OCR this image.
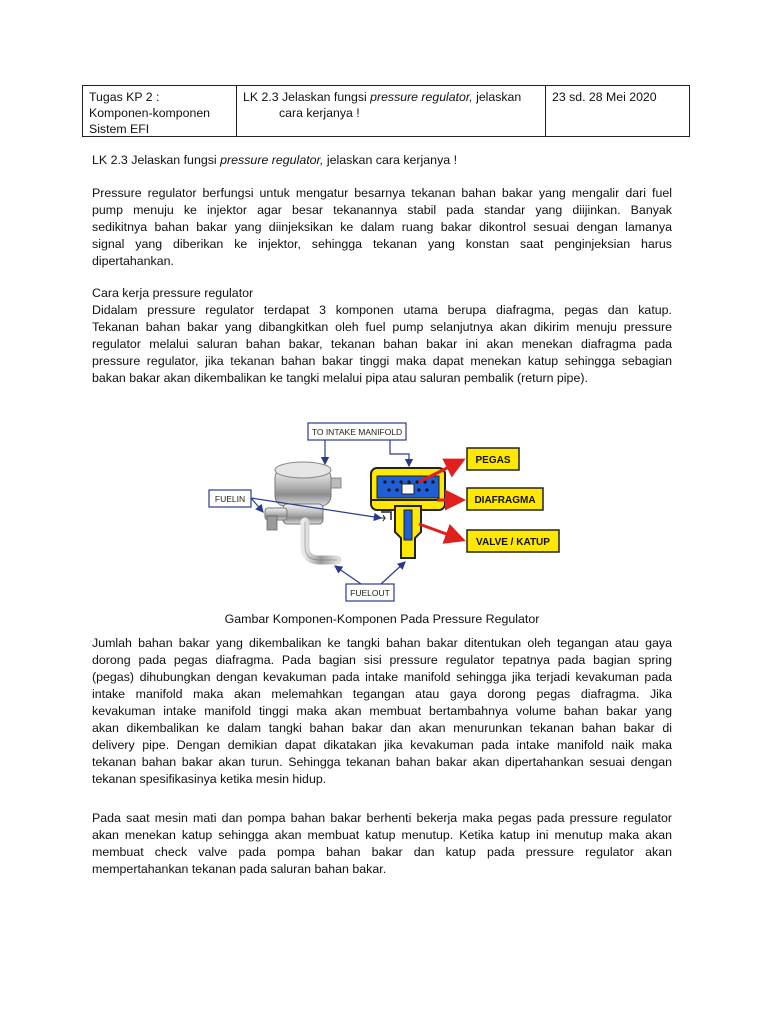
Tugas KP 2 :
Komponen-komponen
Sistem EFI
LK 2.3 Jelaskan fungsi pressure regulator, jelaskan
cara kerjanya !
23 sd. 28 Mei 2020
LK 2.3 Jelaskan fungsi pressure regulator, jelaskan cara kerjanya !
Pressure regulator berfungsi untuk mengatur besarnya tekanan bahan bakar yang mengalir dari fuel
pump menuju ke injektor agar besar tekanannya stabil pada standar yang diijinkan. Banyak
sedikitnya bahan bakar yang diinjeksikan ke dalam ruang bakar dikontrol sesuai dengan lamanya
signal yang diberikan ke injektor, sehingga tekanan yang konstan saat penginjeksian harus
dipertahankan.
Cara kerja pressure regulator
Didalam pressure regulator terdapat 3 komponen utama berupa diafragma, pegas dan katup.
Tekanan bahan bakar yang dibangkitkan oleh fuel pump selanjutnya akan dikirim menuju pressure
regulator melalui saluran bahan bakar, tekanan bahan bakar ini akan menekan diafragma pada
pressure regulator, jika tekanan bahan bakar tinggi maka dapat menekan katup sehingga sebagian
bakan bakar akan dikembalikan ke tangki melalui pipa atau saluran pembalik (return pipe).
TO INTAKE MANIFOLD
FUELIN
FUELOUT
PEGAS
DIAFRAGMA
VALVE / KATUP
Gambar Komponen-Komponen Pada Pressure Regulator
Jumlah bahan bakar yang dikembalikan ke tangki bahan bakar ditentukan oleh tegangan atau gaya
dorong pada pegas diafragma. Pada bagian sisi pressure regulator tepatnya pada bagian spring
(pegas) dihubungkan dengan kevakuman pada intake manifold sehingga jika terjadi kevakuman pada
intake manifold maka akan melemahkan tegangan atau gaya dorong pegas diafragma. Jika
kevakuman intake manifold tinggi maka akan membuat bertambahnya volume bahan bakar yang
akan dikembalikan ke dalam tangki bahan bakar dan akan menurunkan tekanan bahan bakar di
delivery pipe. Dengan demikian dapat dikatakan jika kevakuman pada intake manifold naik maka
tekanan bahan bakar akan turun. Sehingga tekanan bahan bakar akan dipertahankan sesuai dengan
tekanan spesifikasinya ketika mesin hidup.
Pada saat mesin mati dan pompa bahan bakar berhenti bekerja maka pegas pada pressure regulator
akan menekan katup sehingga akan membuat katup menutup. Ketika katup ini menutup maka akan
membuat check valve pada pompa bahan bakar dan katup pada pressure regulator akan
mempertahankan tekanan pada saluran bahan bakar.
